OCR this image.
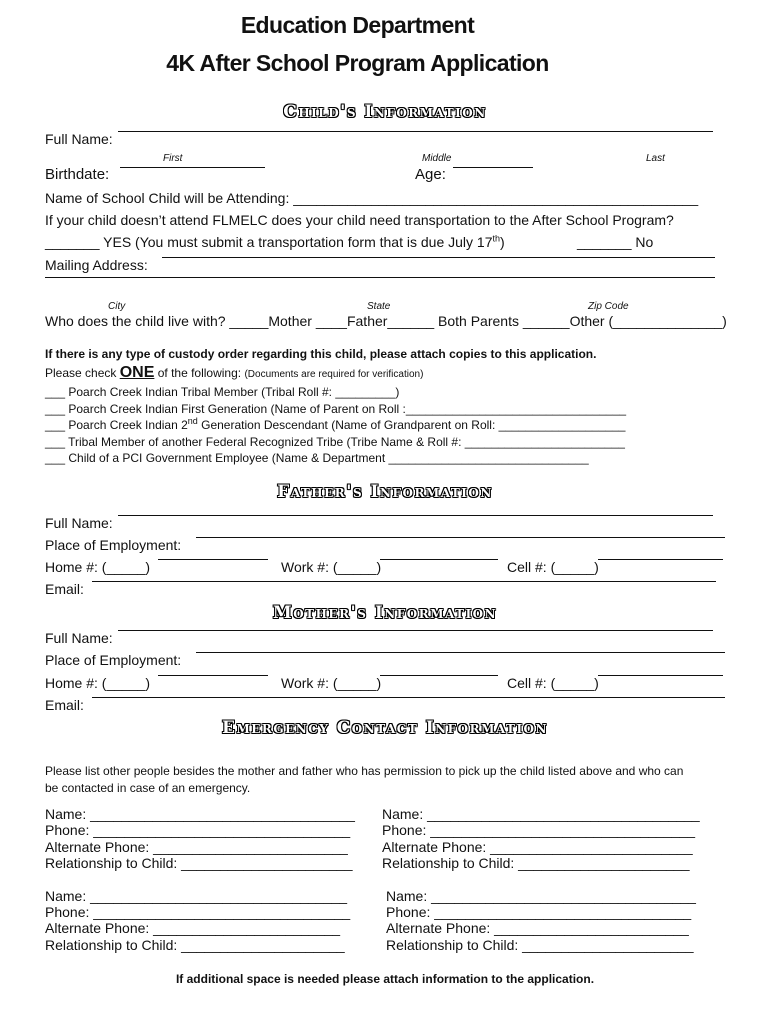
Education Department
4K After School Program Application
Child's Information
Full Name:
First	Middle	Last
Birthdate:	Age:
Name of School Child will be Attending: ____________________________________________________
If your child doesn’t attend FLMELC does your child need transportation to the After School Program?
_______ YES (You must submit a transportation form that is due July 17th)	_______ No
Mailing Address:
City	State	Zip Code
Who does the child live with? _____Mother ____Father______ Both Parents ______Other (______________)
If there is any type of custody order regarding this child, please attach copies to this application.
Please check ONE of the following: (Documents are required for verification)
___ Poarch Creek Indian Tribal Member (Tribal Roll #: _________)
___ Poarch Creek Indian First Generation (Name of Parent on Roll :_________________________________
___ Poarch Creek Indian 2nd Generation Descendant (Name of Grandparent on Roll: ___________________
___ Tribal Member of another Federal Recognized Tribe (Tribe Name & Roll #: ________________________
___ Child of a PCI Government Employee (Name & Department ______________________________
Father's Information
Full Name:
Place of Employment:
Home #: (_____)	Work #: (_____)	Cell #: (_____)
Email:
Mother's Information
Full Name:
Place of Employment:
Home #: (_____)	Work #: (_____)	Cell #: (_____)
Email:
Emergency Contact Information
Please list other people besides the mother and father who has permission to pick up the child listed above and who can
be contacted in case of an emergency.
Name: __________________________________
Phone: _________________________________
Alternate Phone: _________________________
Relationship to Child: ______________________
Name: ___________________________________
Phone: __________________________________
Alternate Phone: __________________________
Relationship to Child: ______________________
Name: _________________________________
Phone: _________________________________
Alternate Phone: ________________________
Relationship to Child: _____________________
Name: __________________________________
Phone: _________________________________
Alternate Phone: _________________________
Relationship to Child: ______________________
If additional space is needed please attach information to the application.
